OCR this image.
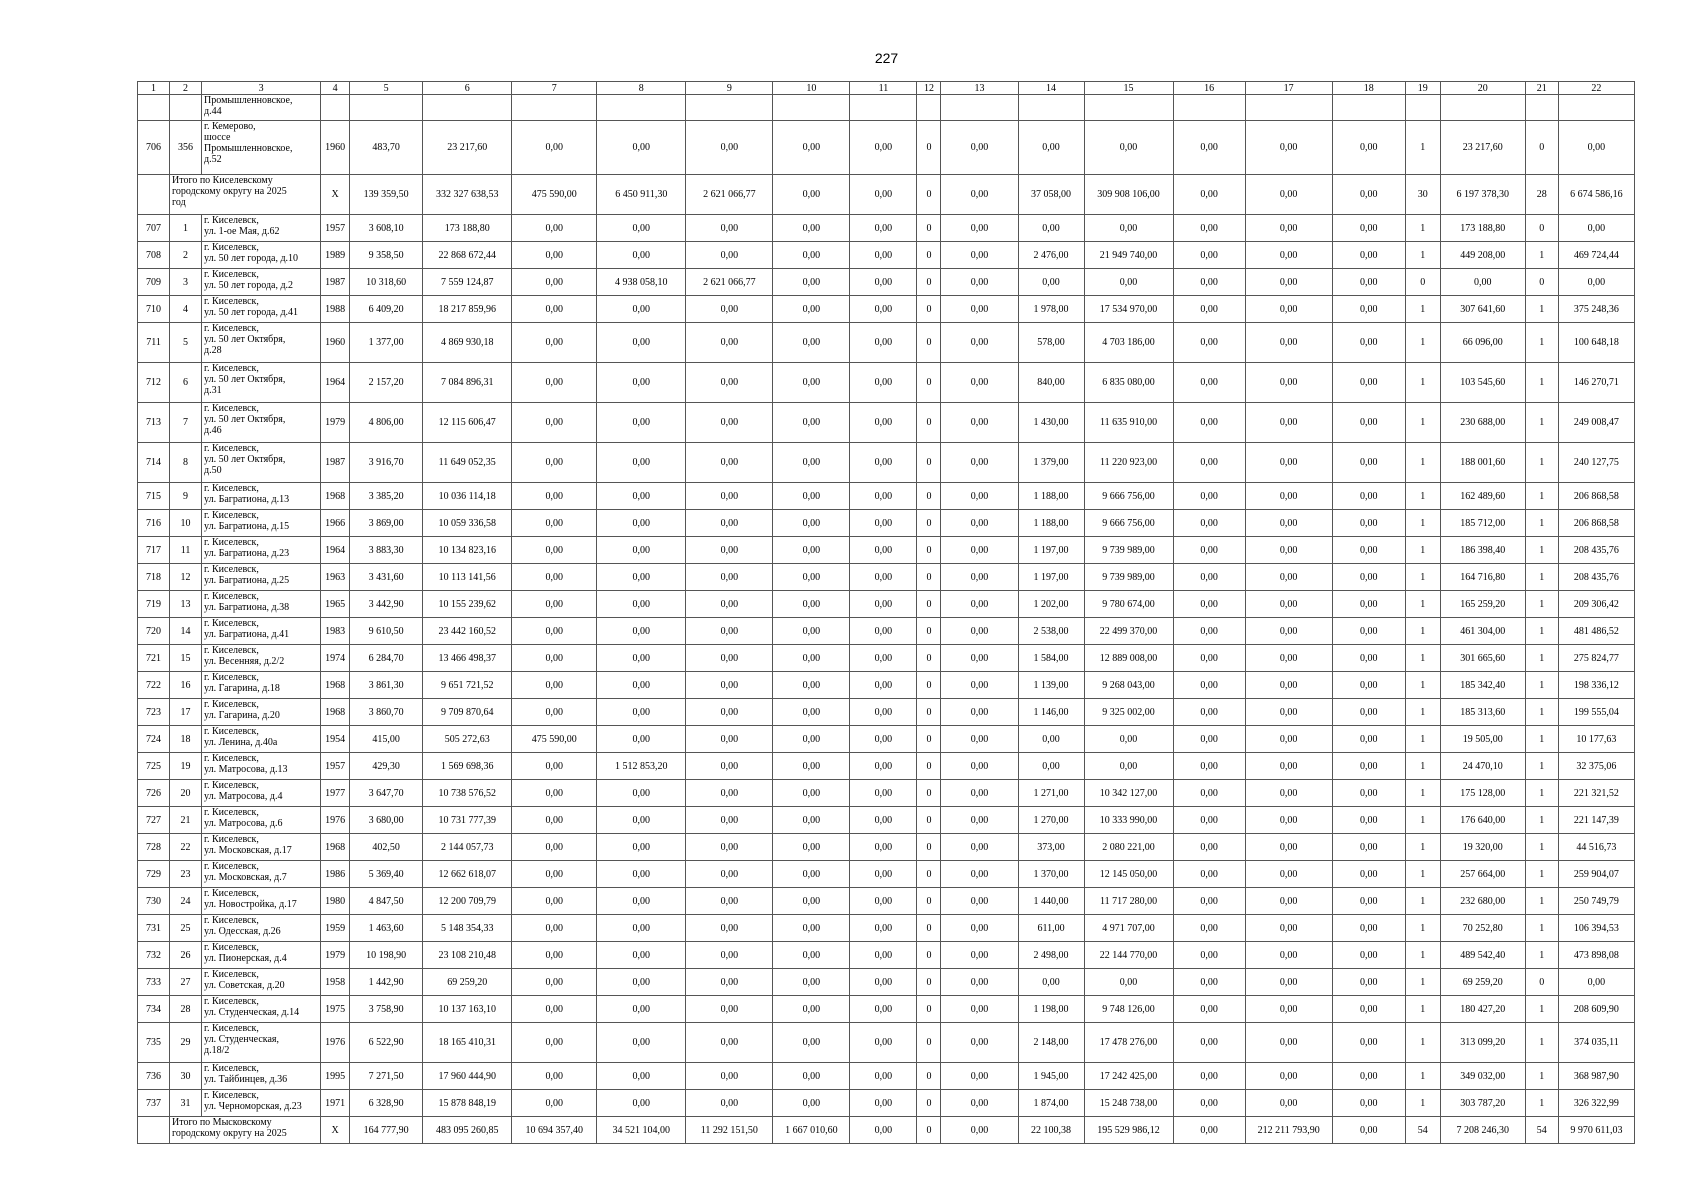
227
1	2	3	4	5	6	7	8	9	10	11	12	13	14	15	16	17	18	19	20	21	22
		Промышленновское,
д.44																			
706	356	г. Кемерово,
шоссе
Промышленновское,
д.52	1960	483,70	23 217,60	0,00	0,00	0,00	0,00	0,00	0	0,00	0,00	0,00	0,00	0,00	0,00	1	23 217,60	0	0,00
	Итого по Киселевскому
городскому округу на 2025
год		X	139 359,50	332 327 638,53	475 590,00	6 450 911,30	2 621 066,77	0,00	0,00	0	0,00	37 058,00	309 908 106,00	0,00	0,00	0,00	30	6 197 378,30	28	6 674 586,16
707	1	г. Киселевск,
ул. 1-ое Мая, д.62	1957	3 608,10	173 188,80	0,00	0,00	0,00	0,00	0,00	0	0,00	0,00	0,00	0,00	0,00	0,00	1	173 188,80	0	0,00
708	2	г. Киселевск,
ул. 50 лет города, д.10	1989	9 358,50	22 868 672,44	0,00	0,00	0,00	0,00	0,00	0	0,00	2 476,00	21 949 740,00	0,00	0,00	0,00	1	449 208,00	1	469 724,44
709	3	г. Киселевск,
ул. 50 лет города, д.2	1987	10 318,60	7 559 124,87	0,00	4 938 058,10	2 621 066,77	0,00	0,00	0	0,00	0,00	0,00	0,00	0,00	0,00	0	0,00	0	0,00
710	4	г. Киселевск,
ул. 50 лет города, д.41	1988	6 409,20	18 217 859,96	0,00	0,00	0,00	0,00	0,00	0	0,00	1 978,00	17 534 970,00	0,00	0,00	0,00	1	307 641,60	1	375 248,36
711	5	г. Киселевск,
ул. 50 лет Октября,
д.28	1960	1 377,00	4 869 930,18	0,00	0,00	0,00	0,00	0,00	0	0,00	578,00	4 703 186,00	0,00	0,00	0,00	1	66 096,00	1	100 648,18
712	6	г. Киселевск,
ул. 50 лет Октября,
д.31	1964	2 157,20	7 084 896,31	0,00	0,00	0,00	0,00	0,00	0	0,00	840,00	6 835 080,00	0,00	0,00	0,00	1	103 545,60	1	146 270,71
713	7	г. Киселевск,
ул. 50 лет Октября,
д.46	1979	4 806,00	12 115 606,47	0,00	0,00	0,00	0,00	0,00	0	0,00	1 430,00	11 635 910,00	0,00	0,00	0,00	1	230 688,00	1	249 008,47
714	8	г. Киселевск,
ул. 50 лет Октября,
д.50	1987	3 916,70	11 649 052,35	0,00	0,00	0,00	0,00	0,00	0	0,00	1 379,00	11 220 923,00	0,00	0,00	0,00	1	188 001,60	1	240 127,75
715	9	г. Киселевск,
ул. Багратиона, д.13	1968	3 385,20	10 036 114,18	0,00	0,00	0,00	0,00	0,00	0	0,00	1 188,00	9 666 756,00	0,00	0,00	0,00	1	162 489,60	1	206 868,58
716	10	г. Киселевск,
ул. Багратиона, д.15	1966	3 869,00	10 059 336,58	0,00	0,00	0,00	0,00	0,00	0	0,00	1 188,00	9 666 756,00	0,00	0,00	0,00	1	185 712,00	1	206 868,58
717	11	г. Киселевск,
ул. Багратиона, д.23	1964	3 883,30	10 134 823,16	0,00	0,00	0,00	0,00	0,00	0	0,00	1 197,00	9 739 989,00	0,00	0,00	0,00	1	186 398,40	1	208 435,76
718	12	г. Киселевск,
ул. Багратиона, д.25	1963	3 431,60	10 113 141,56	0,00	0,00	0,00	0,00	0,00	0	0,00	1 197,00	9 739 989,00	0,00	0,00	0,00	1	164 716,80	1	208 435,76
719	13	г. Киселевск,
ул. Багратиона, д.38	1965	3 442,90	10 155 239,62	0,00	0,00	0,00	0,00	0,00	0	0,00	1 202,00	9 780 674,00	0,00	0,00	0,00	1	165 259,20	1	209 306,42
720	14	г. Киселевск,
ул. Багратиона, д.41	1983	9 610,50	23 442 160,52	0,00	0,00	0,00	0,00	0,00	0	0,00	2 538,00	22 499 370,00	0,00	0,00	0,00	1	461 304,00	1	481 486,52
721	15	г. Киселевск,
ул. Весенняя, д.2/2	1974	6 284,70	13 466 498,37	0,00	0,00	0,00	0,00	0,00	0	0,00	1 584,00	12 889 008,00	0,00	0,00	0,00	1	301 665,60	1	275 824,77
722	16	г. Киселевск,
ул. Гагарина, д.18	1968	3 861,30	9 651 721,52	0,00	0,00	0,00	0,00	0,00	0	0,00	1 139,00	9 268 043,00	0,00	0,00	0,00	1	185 342,40	1	198 336,12
723	17	г. Киселевск,
ул. Гагарина, д.20	1968	3 860,70	9 709 870,64	0,00	0,00	0,00	0,00	0,00	0	0,00	1 146,00	9 325 002,00	0,00	0,00	0,00	1	185 313,60	1	199 555,04
724	18	г. Киселевск,
ул. Ленина, д.40а	1954	415,00	505 272,63	475 590,00	0,00	0,00	0,00	0,00	0	0,00	0,00	0,00	0,00	0,00	0,00	1	19 505,00	1	10 177,63
725	19	г. Киселевск,
ул. Матросова, д.13	1957	429,30	1 569 698,36	0,00	1 512 853,20	0,00	0,00	0,00	0	0,00	0,00	0,00	0,00	0,00	0,00	1	24 470,10	1	32 375,06
726	20	г. Киселевск,
ул. Матросова, д.4	1977	3 647,70	10 738 576,52	0,00	0,00	0,00	0,00	0,00	0	0,00	1 271,00	10 342 127,00	0,00	0,00	0,00	1	175 128,00	1	221 321,52
727	21	г. Киселевск,
ул. Матросова, д.6	1976	3 680,00	10 731 777,39	0,00	0,00	0,00	0,00	0,00	0	0,00	1 270,00	10 333 990,00	0,00	0,00	0,00	1	176 640,00	1	221 147,39
728	22	г. Киселевск,
ул. Московская, д.17	1968	402,50	2 144 057,73	0,00	0,00	0,00	0,00	0,00	0	0,00	373,00	2 080 221,00	0,00	0,00	0,00	1	19 320,00	1	44 516,73
729	23	г. Киселевск,
ул. Московская, д.7	1986	5 369,40	12 662 618,07	0,00	0,00	0,00	0,00	0,00	0	0,00	1 370,00	12 145 050,00	0,00	0,00	0,00	1	257 664,00	1	259 904,07
730	24	г. Киселевск,
ул. Новостройка, д.17	1980	4 847,50	12 200 709,79	0,00	0,00	0,00	0,00	0,00	0	0,00	1 440,00	11 717 280,00	0,00	0,00	0,00	1	232 680,00	1	250 749,79
731	25	г. Киселевск,
ул. Одесская, д.26	1959	1 463,60	5 148 354,33	0,00	0,00	0,00	0,00	0,00	0	0,00	611,00	4 971 707,00	0,00	0,00	0,00	1	70 252,80	1	106 394,53
732	26	г. Киселевск,
ул. Пионерская, д.4	1979	10 198,90	23 108 210,48	0,00	0,00	0,00	0,00	0,00	0	0,00	2 498,00	22 144 770,00	0,00	0,00	0,00	1	489 542,40	1	473 898,08
733	27	г. Киселевск,
ул. Советская, д.20	1958	1 442,90	69 259,20	0,00	0,00	0,00	0,00	0,00	0	0,00	0,00	0,00	0,00	0,00	0,00	1	69 259,20	0	0,00
734	28	г. Киселевск,
ул. Студенческая, д.14	1975	3 758,90	10 137 163,10	0,00	0,00	0,00	0,00	0,00	0	0,00	1 198,00	9 748 126,00	0,00	0,00	0,00	1	180 427,20	1	208 609,90
735	29	г. Киселевск,
ул. Студенческая,
д.18/2	1976	6 522,90	18 165 410,31	0,00	0,00	0,00	0,00	0,00	0	0,00	2 148,00	17 478 276,00	0,00	0,00	0,00	1	313 099,20	1	374 035,11
736	30	г. Киселевск,
ул. Тайбинцев, д.36	1995	7 271,50	17 960 444,90	0,00	0,00	0,00	0,00	0,00	0	0,00	1 945,00	17 242 425,00	0,00	0,00	0,00	1	349 032,00	1	368 987,90
737	31	г. Киселевск,
ул. Черноморская, д.23	1971	6 328,90	15 878 848,19	0,00	0,00	0,00	0,00	0,00	0	0,00	1 874,00	15 248 738,00	0,00	0,00	0,00	1	303 787,20	1	326 322,99
	Итого по Мысковскому
городскому округу на 2025		X	164 777,90	483 095 260,85	10 694 357,40	34 521 104,00	11 292 151,50	1 667 010,60	0,00	0	0,00	22 100,38	195 529 986,12	0,00	212 211 793,90	0,00	54	7 208 246,30	54	9 970 611,03
